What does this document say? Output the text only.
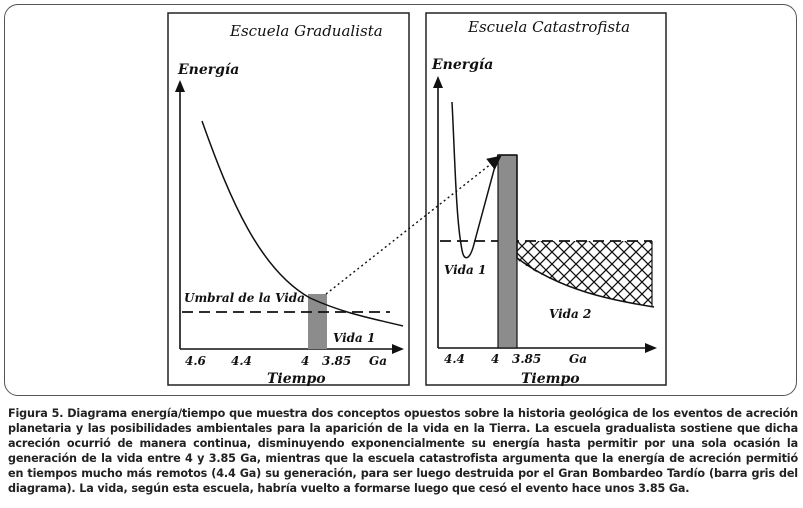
Escuela Gradualista
Energía
Umbral de la Vida
Vida 1
4.6 4.4	4 3.85 Ga
Tiempo
Escuela Catastrofista
Energía
Vida 1
Vida 2
4.4 4 3.85 Ga
Tiempo

Figura 5. Diagrama energía/tiempo que muestra dos conceptos opuestos sobre la historia geológica de los eventos de acreción planetaria y las posibilidades ambientales para la aparición de la vida en la Tierra. La escuela gradualista sostiene que dicha acreción ocurrió de manera continua, disminuyendo exponencialmente su energía hasta permitir por una sola ocasión la generación de la vida entre 4 y 3.85 Ga, mientras que la escuela catastrofista argumenta que la energía de acreción permitió en tiempos mucho más remotos (4.4 Ga) su generación, para ser luego destruida por el Gran Bombardeo Tardío (barra gris del diagrama). La vida, según esta escuela, habría vuelto a formarse luego que cesó el evento hace unos 3.85 Ga.
